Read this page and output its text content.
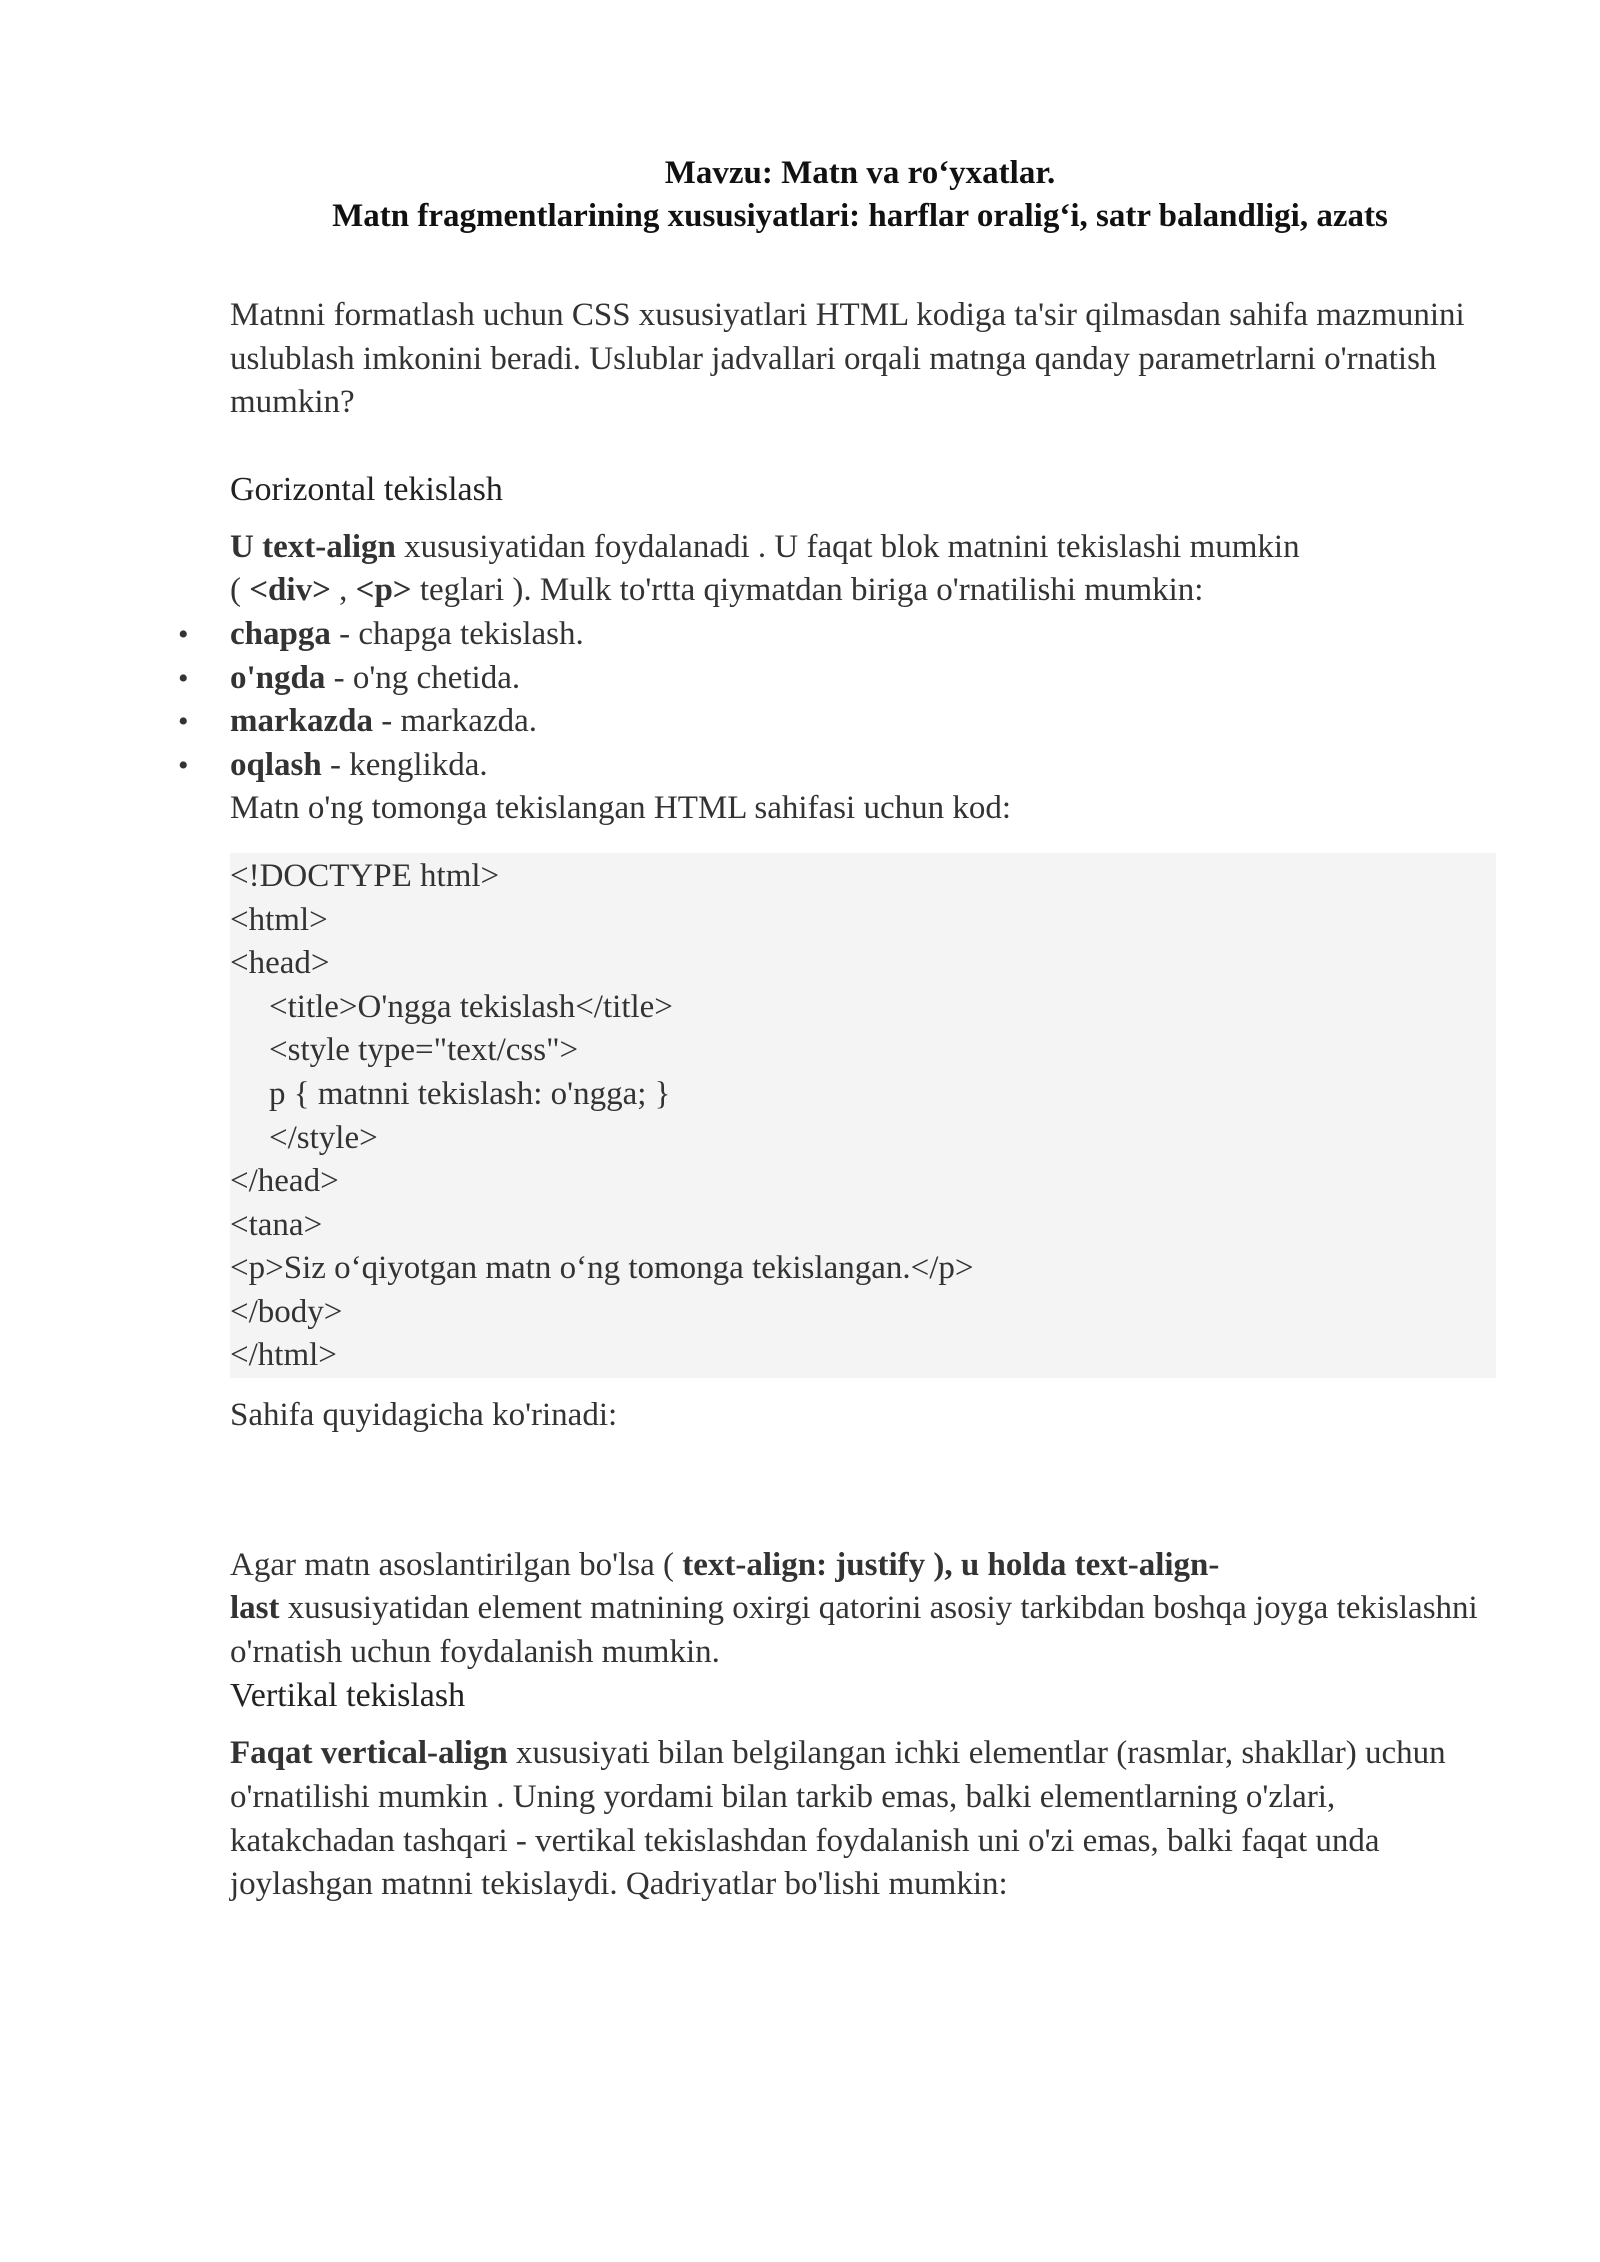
Mavzu: Matn va ro‘yxatlar.
Matn fragmentlarining xususiyatlari: harflar oralig‘i, satr balandligi, azats

Matnni formatlash uchun CSS xususiyatlari HTML kodiga ta'sir qilmasdan sahifa mazmunini uslublash imkonini beradi. Uslublar jadvallari orqali matnga qanday parametrlarni o'rnatish mumkin?

Gorizontal tekislash

U text-align xususiyatidan foydalanadi . U faqat blok matnini tekislashi mumkin
( <div> , <p> teglari ). Mulk to'rtta qiymatdan biriga o'rnatilishi mumkin:

• chapga - chapga tekislash.
• o'ngda - o'ng chetida.
• markazda - markazda.
• oqlash - kenglikda.

Matn o'ng tomonga tekislangan HTML sahifasi uchun kod:

<!DOCTYPE html>
<html>
<head>
<title>O'ngga tekislash</title>
<style type="text/css">
p { matnni tekislash: o'ngga; }
</style>
</head>
<tana>
<p>Siz o‘qiyotgan matn o‘ng tomonga tekislangan.</p>
</body>
</html>

Sahifa quyidagicha ko'rinadi:

Agar matn asoslantirilgan bo'lsa ( text-align: justify ), u holda text-align-
last xususiyatidan element matnining oxirgi qatorini asosiy tarkibdan boshqa joyga tekislashni o'rnatish uchun foydalanish mumkin.

Vertikal tekislash

Faqat vertical-align xususiyati bilan belgilangan ichki elementlar (rasmlar, shakllar) uchun o'rnatilishi mumkin . Uning yordami bilan tarkib emas, balki elementlarning o'zlari, katakchadan tashqari - vertikal tekislashdan foydalanish uni o'zi emas, balki faqat unda joylashgan matnni tekislaydi. Qadriyatlar bo'lishi mumkin:
